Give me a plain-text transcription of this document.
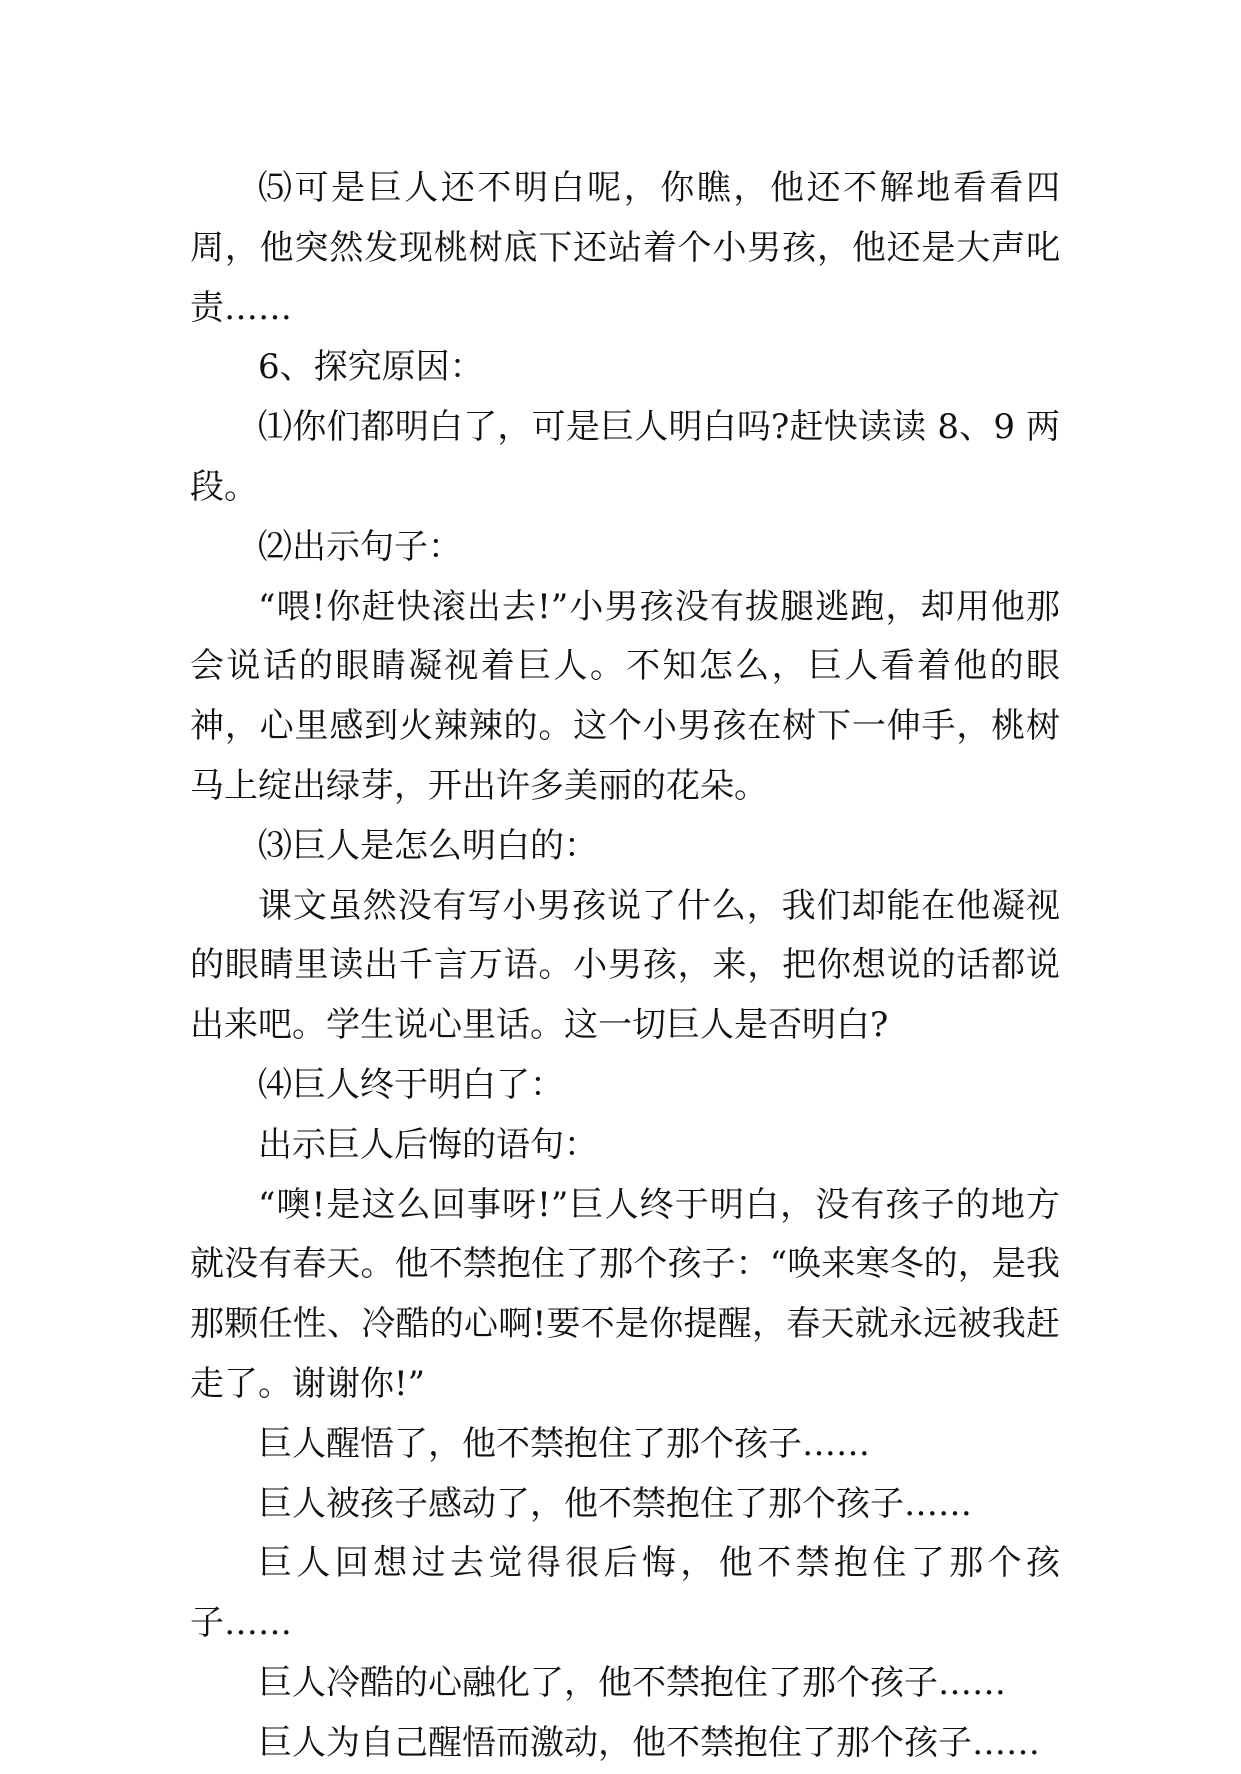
⑸可是巨人还不明白呢，你瞧，他还不解地看看四周，他突然发现桃树底下还站着个小男孩，他还是大声叱责……

6、探究原因：

⑴你们都明白了，可是巨人明白吗?赶快读读 8、9 两段。

⑵出示句子：

“喂!你赶快滚出去!”小男孩没有拔腿逃跑，却用他那会说话的眼睛凝视着巨人。不知怎么，巨人看着他的眼神，心里感到火辣辣的。这个小男孩在树下一伸手，桃树马上绽出绿芽，开出许多美丽的花朵。

⑶巨人是怎么明白的：

课文虽然没有写小男孩说了什么，我们却能在他凝视的眼睛里读出千言万语。小男孩，来，把你想说的话都说出来吧。学生说心里话。这一切巨人是否明白?

⑷巨人终于明白了：

出示巨人后悔的语句：

“噢!是这么回事呀!”巨人终于明白，没有孩子的地方就没有春天。他不禁抱住了那个孩子：“唤来寒冬的，是我那颗任性、冷酷的心啊!要不是你提醒，春天就永远被我赶走了。谢谢你!”

巨人醒悟了，他不禁抱住了那个孩子……

巨人被孩子感动了，他不禁抱住了那个孩子……

巨人回想过去觉得很后悔，他不禁抱住了那个孩子……

巨人冷酷的心融化了，他不禁抱住了那个孩子……

巨人为自己醒悟而激动，他不禁抱住了那个孩子……
